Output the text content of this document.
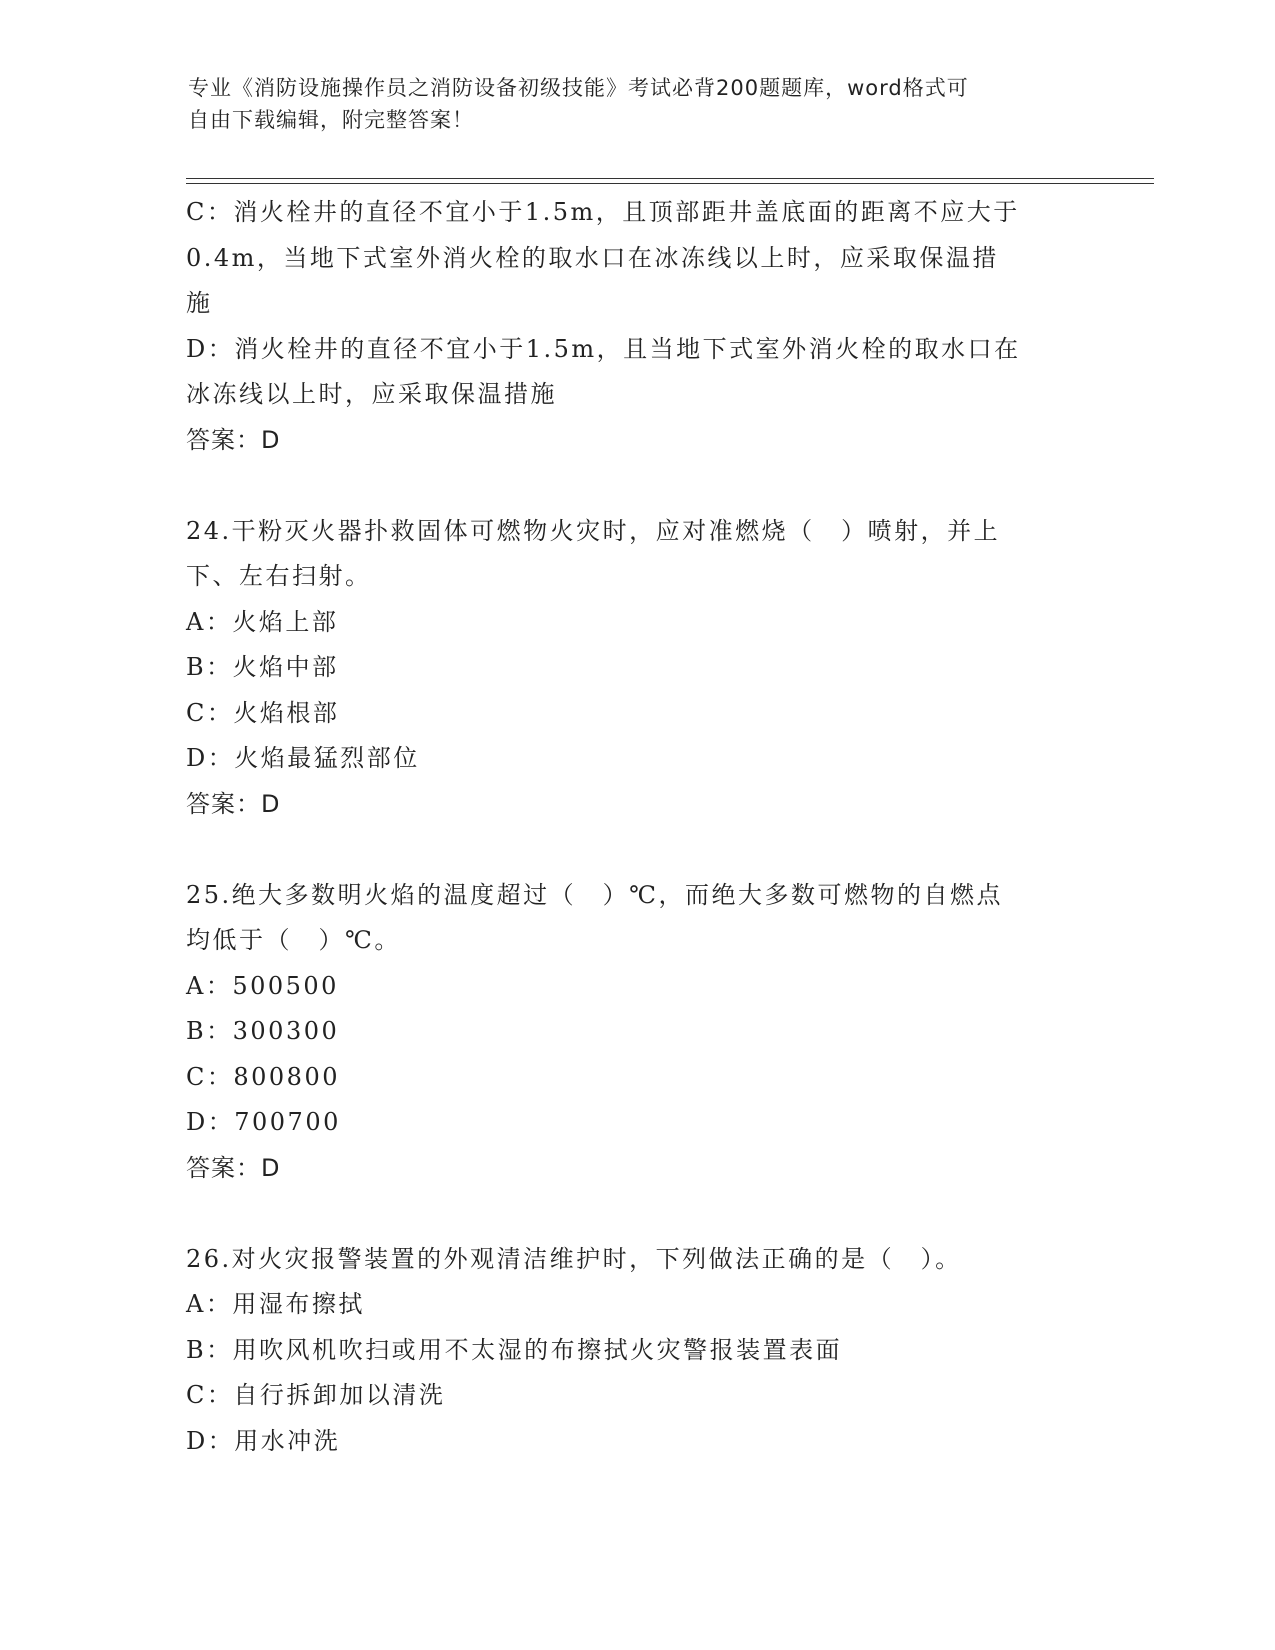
专业《消防设施操作员之消防设备初级技能》考试必背200题题库，word格式可

自由下载编辑，附完整答案！

C：消火栓井的直径不宜小于1.5m，且顶部距井盖底面的距离不应大于

0.4m，当地下式室外消火栓的取水口在冰冻线以上时，应采取保温措

施

D：消火栓井的直径不宜小于1.5m，且当地下式室外消火栓的取水口在

冰冻线以上时，应采取保温措施

答案：D

24.干粉灭火器扑救固体可燃物火灾时，应对准燃烧（　）喷射，并上

下、左右扫射。

A：火焰上部

B：火焰中部

C：火焰根部

D：火焰最猛烈部位

答案：D

25.绝大多数明火焰的温度超过（　）℃，而绝大多数可燃物的自燃点

均低于（　）℃。

A：500500

B：300300

C：800800

D：700700

答案：D

26.对火灾报警装置的外观清洁维护时，下列做法正确的是（　）。

A：用湿布擦拭

B：用吹风机吹扫或用不太湿的布擦拭火灾警报装置表面

C：自行拆卸加以清洗

D：用水冲洗
